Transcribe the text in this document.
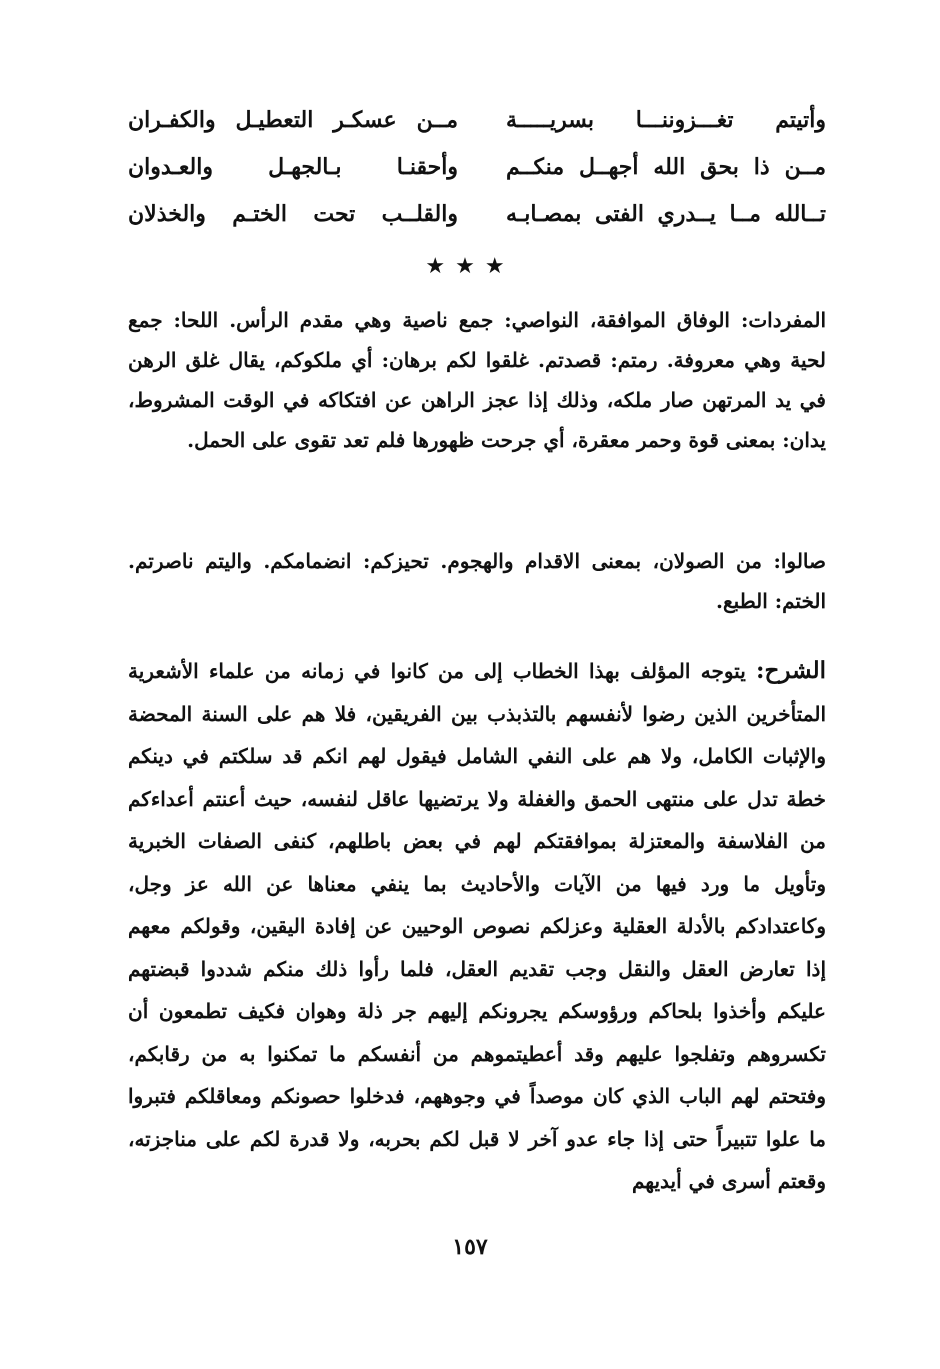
وأتيتم تغـــزوننـــا بسريـــــة
مــن عسكـر التعطيـل والكفـران
مــن ذا بحق الله أجهــل منكــم
وأحقنـا بـالجهـل والعـدوان
تــالله مــا يــدري الفتى بمصـابـه
والقلــب تحت الختـم والخذلان
★★★

المفردات: الوفاق الموافقة، النواصي: جمع ناصية وهي مقدم الرأس. اللحا: جمع لحية وهي معروفة. رمتم: قصدتم. غلقوا لكم برهان: أي ملكوكم، يقال غلق الرهن في يد المرتهن صار ملكه، وذلك إذا عجز الراهن عن افتكاكه في الوقت المشروط، يدان: بمعنى قوة وحمر معقرة، أي جرحت ظهورها فلم تعد تقوى على الحمل.

صالوا: من الصولان، بمعنى الاقدام والهجوم. تحيزكم: انضمامكم. واليتم ناصرتم. الختم: الطبع.

الشرح: يتوجه المؤلف بهذا الخطاب إلى من كانوا في زمانه من علماء الأشعرية المتأخرين الذين رضوا لأنفسهم بالتذبذب بين الفريقين، فلا هم على السنة المحضة والإثبات الكامل، ولا هم على النفي الشامل فيقول لهم انكم قد سلكتم في دينكم خطة تدل على منتهى الحمق والغفلة ولا يرتضيها عاقل لنفسه، حيث أعنتم أعداءكم من الفلاسفة والمعتزلة بموافقتكم لهم في بعض باطلهم، كنفى الصفات الخبرية وتأويل ما ورد فيها من الآيات والأحاديث بما ينفي معناها عن الله عز وجل، وكاعتدادكم بالأدلة العقلية وعزلكم نصوص الوحيين عن إفادة اليقين، وقولكم معهم إذا تعارض العقل والنقل وجب تقديم العقل، فلما رأوا ذلك منكم شددوا قبضتهم عليكم وأخذوا بلحاكم ورؤوسكم يجرونكم إليهم جر ذلة وهوان فكيف تطمعون أن تكسروهم وتفلجوا عليهم وقد أعطيتموهم من أنفسكم ما تمكنوا به من رقابكم، وفتحتم لهم الباب الذي كان موصداً في وجوههم، فدخلوا حصونكم ومعاقلكم فتبروا ما علوا تتبيراً حتى إذا جاء عدو آخر لا قبل لكم بحربه، ولا قدرة لكم على مناجزته، وقعتم أسرى في أيديهم

١٥٧
